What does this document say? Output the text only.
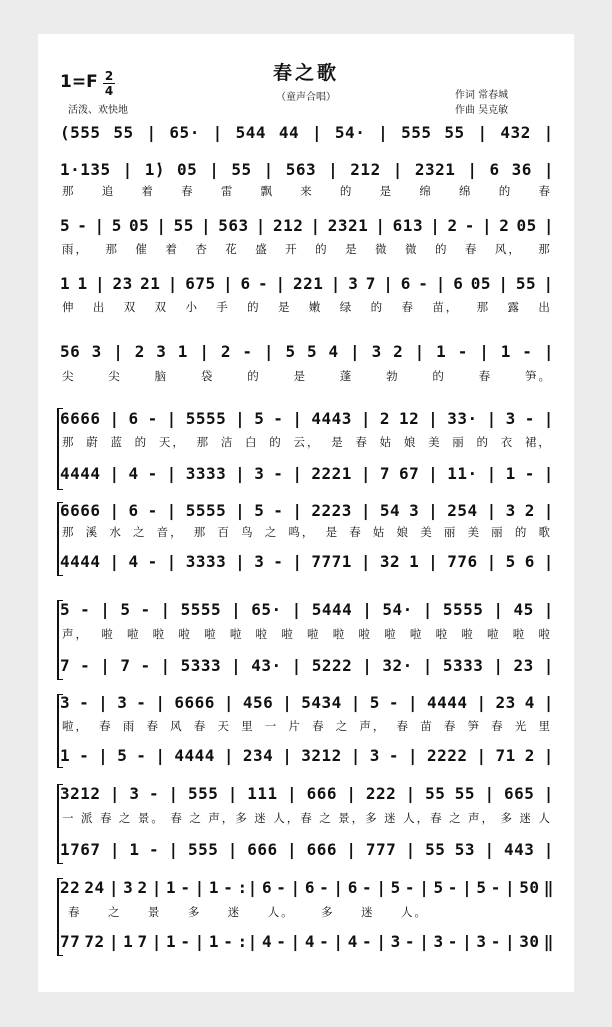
春之歌
（童声合唱）
1=F 2
4
活泼、欢快地
作词 常春城
作曲 吴克敏
(555 55 | 65· | 544 44 | 54· | 555 55 | 432 |
1·135 | 1̇) 05 | 55 | 563 | 212 | 2321 | 6 36 |
那 追 着 春 雷 飘 来 的 是 绵 绵 的 春
5 - | 5 05 | 55 | 563 | 212 | 2321 | 613 | 2 - | 2 05 |
雨， 那 催 着 杏 花 盛 开 的 是 微 微 的 春 风， 那
1 1 | 23 21 | 675 | 6 - | 221 | 3 7 | 6 - | 6 05 | 55 |
伸 出 双 双 小 手 的 是 嫩 绿 的 春 苗， 那 露 出
56 3 | 2 3 1 | 2 - | 5 5 4 | 3 2 | 1 - | 1 - |
尖	尖	脑	袋	的	是	蓬	勃	的	春	笋。
6666 | 6 - | 5555 | 5 - | 4443 | 2 12 | 33· | 3 - |
那 蔚 蓝 的 天， 那 洁 白 的 云， 是 春 姑 娘 美 丽 的 衣 裙，
4444 | 4 - | 3333 | 3 - | 2221 | 7 67 | 11· | 1 - |
6666 | 6 - | 5555 | 5 - | 2223 | 54 3 | 254 | 3 2 |
那 溪 水 之 音， 那 百 鸟 之 鸣， 是 春 姑 娘 美 丽 美 丽 的 歌
4444 | 4 - | 3333 | 3 - | 7771 | 32 1 | 776 | 5 6 |
5 - | 5 - | 5555 | 65· | 5444 | 54· | 5555 | 45 |
声， 啦 啦 啦 啦 啦 啦 啦 啦 啦 啦 啦 啦 啦 啦 啦 啦 啦 啦
7 - | 7 - | 5333 | 43· | 5222 | 32· | 5333 | 23 |
3 - | 3 - | 6666 | 456 | 5434 | 5 - | 4444 | 23 4 |
啦， 春 雨 春 风 春 天 里 一 片 春 之 声， 春 苗 春 笋 春 光 里
1 - | 5 - | 4444 | 234 | 3212 | 3 - | 2222 | 71 2 |
3212 | 3 - | 555 | 111 | 666 | 222 | 55 55 | 665 |
一 派 春 之 景。 春 之 声，多 迷 人，春 之 景，多 迷 人，春 之 声， 多 迷 人
1767 | 1 - | 555 | 666 | 666 | 777 | 55 53 | 443 |
22 24 | 3 2 | 1 - | 1 - :| 6 - | 6 - | 6 - | 5 - | 5 - | 5 - | 50 ‖
春 之 景 多 迷 人。 多 迷 人。
77 72 | 1 7 | 1 - | 1 - :| 4 - | 4 - | 4 - | 3 - | 3 - | 3 - | 30 ‖
